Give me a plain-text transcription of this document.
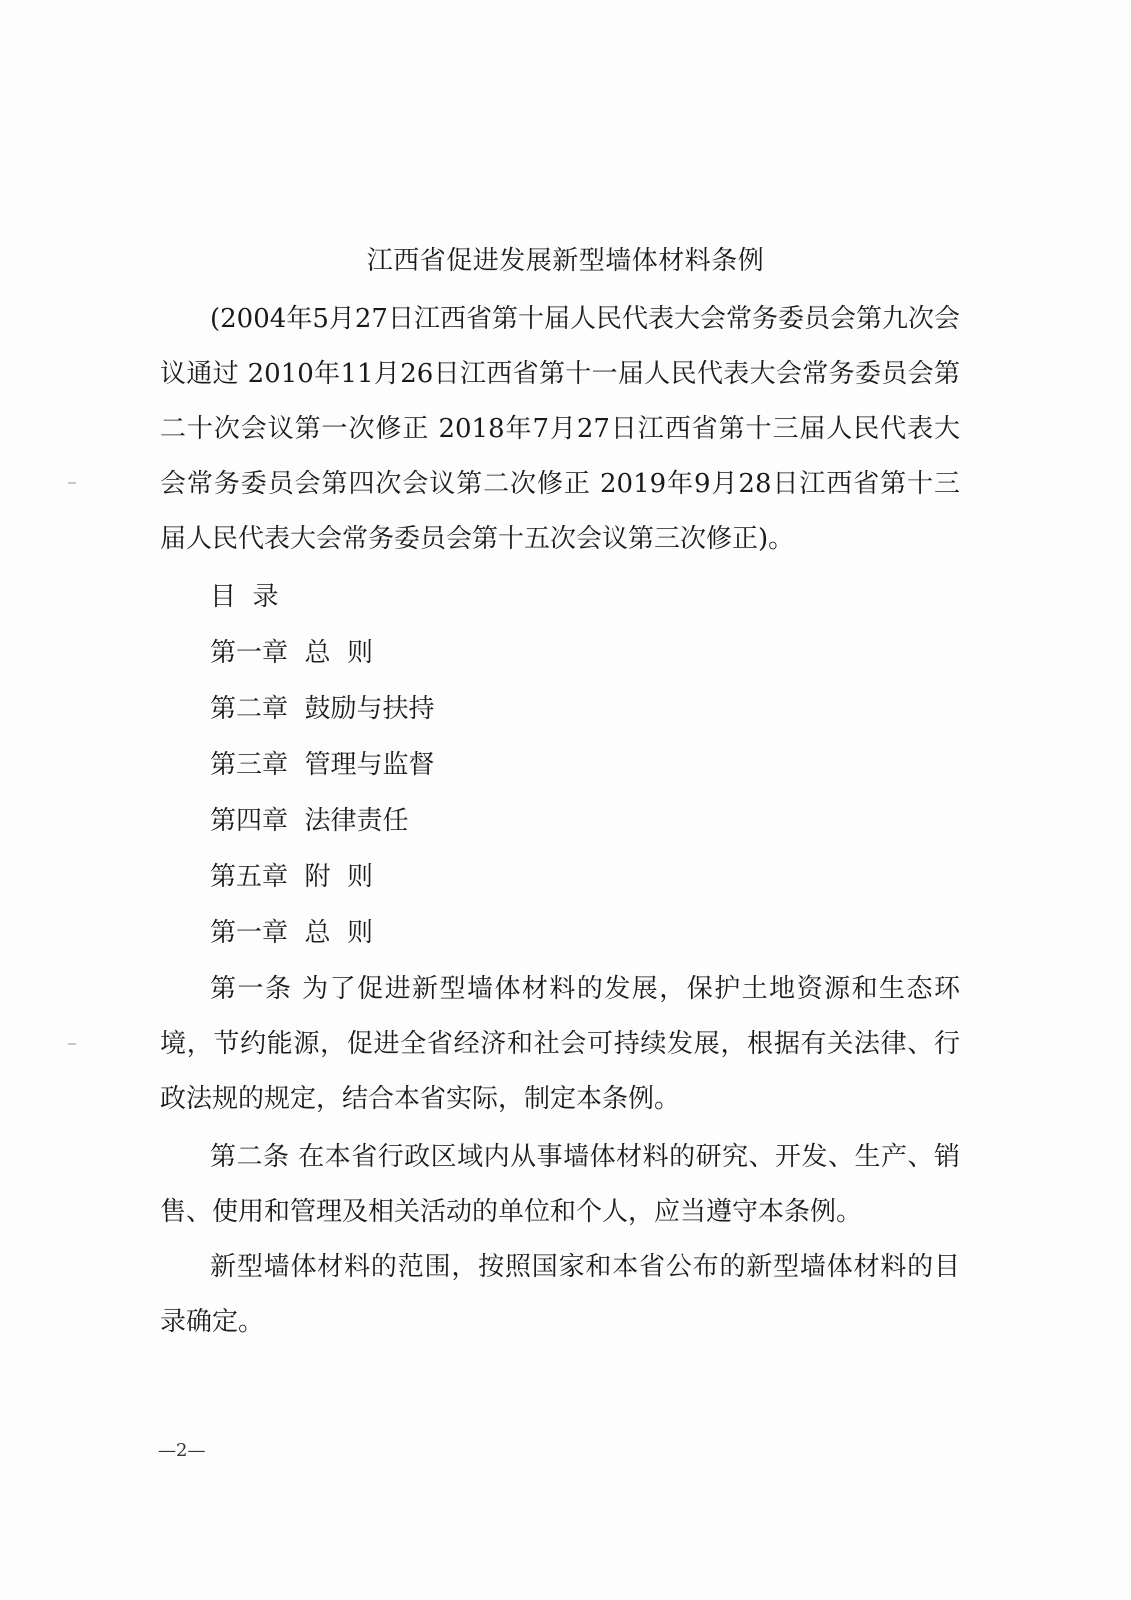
江西省促进发展新型墙体材料条例
(2004年5月27日江西省第十届人民代表大会常务委员会第九次会议通过 2010年11月26日江西省第十一届人民代表大会常务委员会第二十次会议第一次修正 2018年7月27日江西省第十三届人民代表大会常务委员会第四次会议第二次修正 2019年9月28日江西省第十三届人民代表大会常务委员会第十五次会议第三次修正)。
目  录
第一章  总  则
第二章  鼓励与扶持
第三章  管理与监督
第四章  法律责任
第五章  附  则
第一章  总  则
第一条 为了促进新型墙体材料的发展，保护土地资源和生态环境，节约能源，促进全省经济和社会可持续发展，根据有关法律、行政法规的规定，结合本省实际，制定本条例。
第二条 在本省行政区域内从事墙体材料的研究、开发、生产、销售、使用和管理及相关活动的单位和个人，应当遵守本条例。
新型墙体材料的范围，按照国家和本省公布的新型墙体材料的目录确定。
—2—
